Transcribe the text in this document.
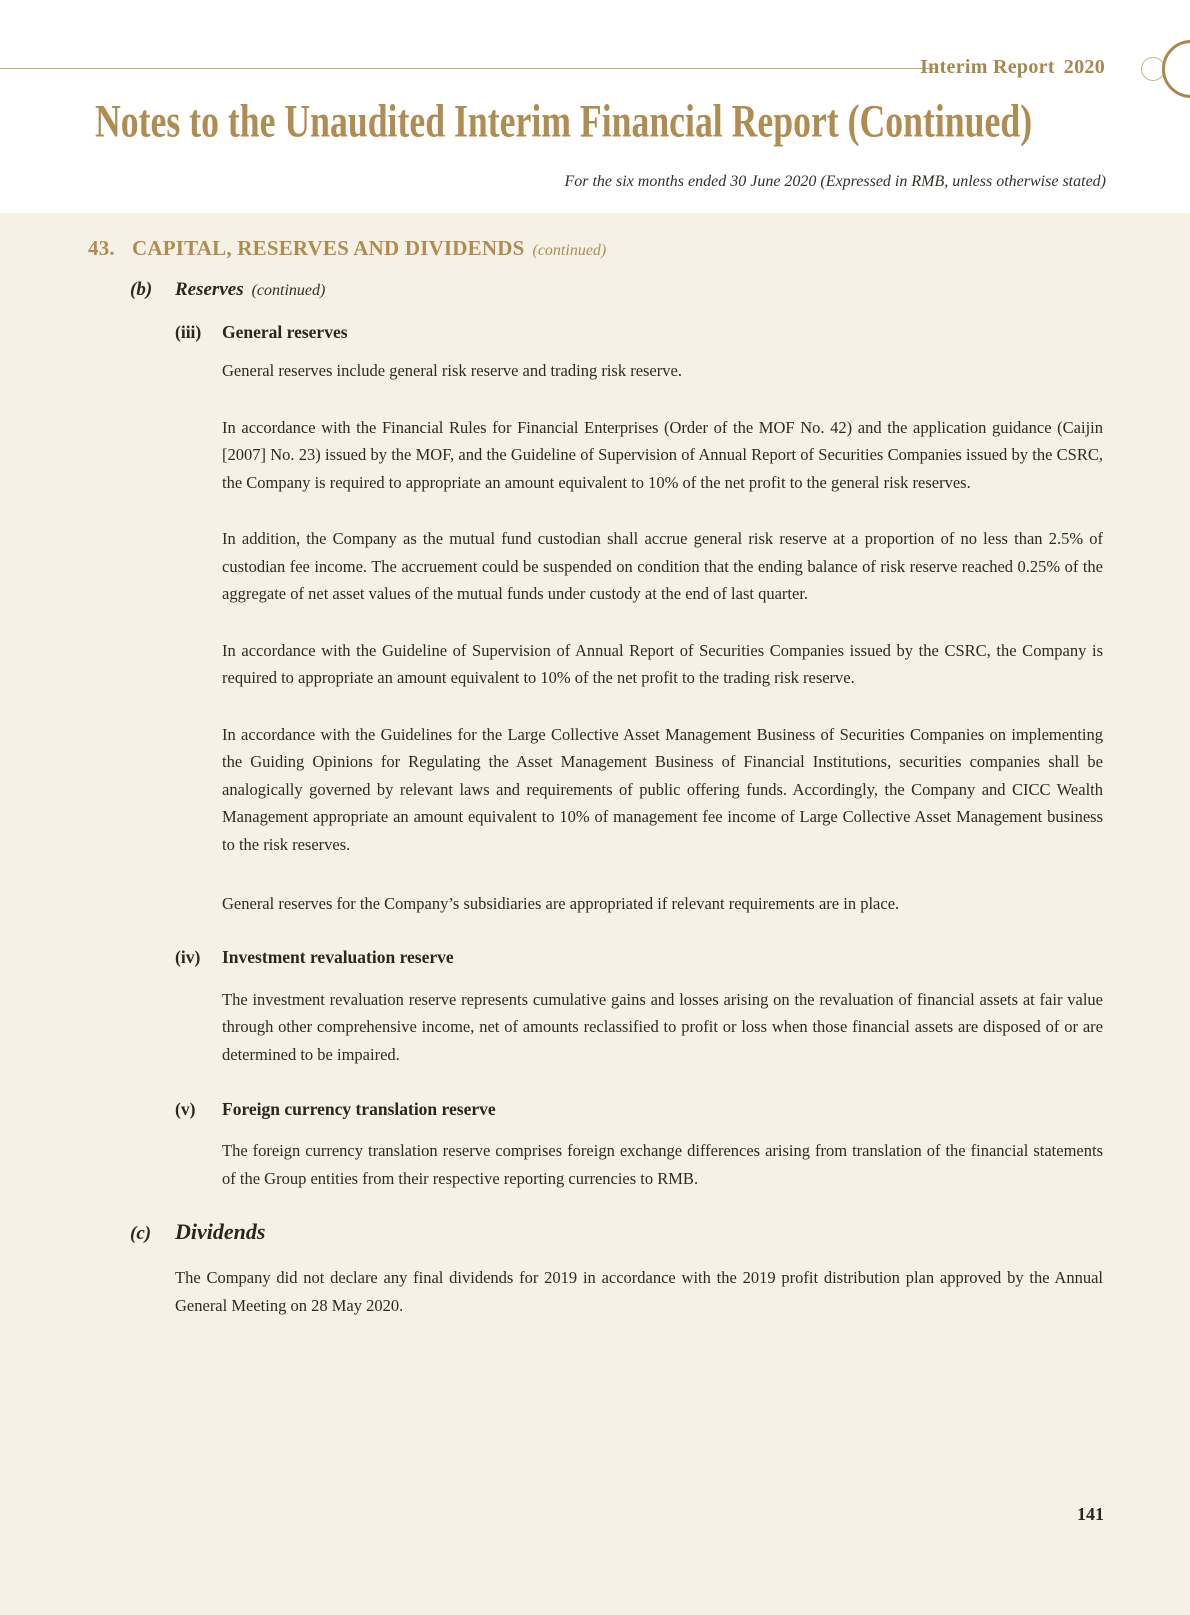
Interim Report 2020
Notes to the Unaudited Interim Financial Report (Continued)
For the six months ended 30 June 2020 (Expressed in RMB, unless otherwise stated)
43. CAPITAL, RESERVES AND DIVIDENDS (continued)
(b)	Reserves (continued)
(iii)	General reserves

General reserves include general risk reserve and trading risk reserve.

In accordance with the Financial Rules for Financial Enterprises (Order of the MOF No. 42) and the application guidance (Caijin [2007] No. 23) issued by the MOF, and the Guideline of Supervision of Annual Report of Securities Companies issued by the CSRC, the Company is required to appropriate an amount equivalent to 10% of the net profit to the general risk reserves.

In addition, the Company as the mutual fund custodian shall accrue general risk reserve at a proportion of no less than 2.5% of custodian fee income. The accruement could be suspended on condition that the ending balance of risk reserve reached 0.25% of the aggregate of net asset values of the mutual funds under custody at the end of last quarter.

In accordance with the Guideline of Supervision of Annual Report of Securities Companies issued by the CSRC, the Company is required to appropriate an amount equivalent to 10% of the net profit to the trading risk reserve.

In accordance with the Guidelines for the Large Collective Asset Management Business of Securities Companies on implementing the Guiding Opinions for Regulating the Asset Management Business of Financial Institutions, securities companies shall be analogically governed by relevant laws and requirements of public offering funds. Accordingly, the Company and CICC Wealth Management appropriate an amount equivalent to 10% of management fee income of Large Collective Asset Management business to the risk reserves.

General reserves for the Company’s subsidiaries are appropriated if relevant requirements are in place.

(iv)	Investment revaluation reserve

The investment revaluation reserve represents cumulative gains and losses arising on the revaluation of financial assets at fair value through other comprehensive income, net of amounts reclassified to profit or loss when those financial assets are disposed of or are determined to be impaired.

(v)	Foreign currency translation reserve

The foreign currency translation reserve comprises foreign exchange differences arising from translation of the financial statements of the Group entities from their respective reporting currencies to RMB.

(c)	Dividends

The Company did not declare any final dividends for 2019 in accordance with the 2019 profit distribution plan approved by the Annual General Meeting on 28 May 2020.

141
